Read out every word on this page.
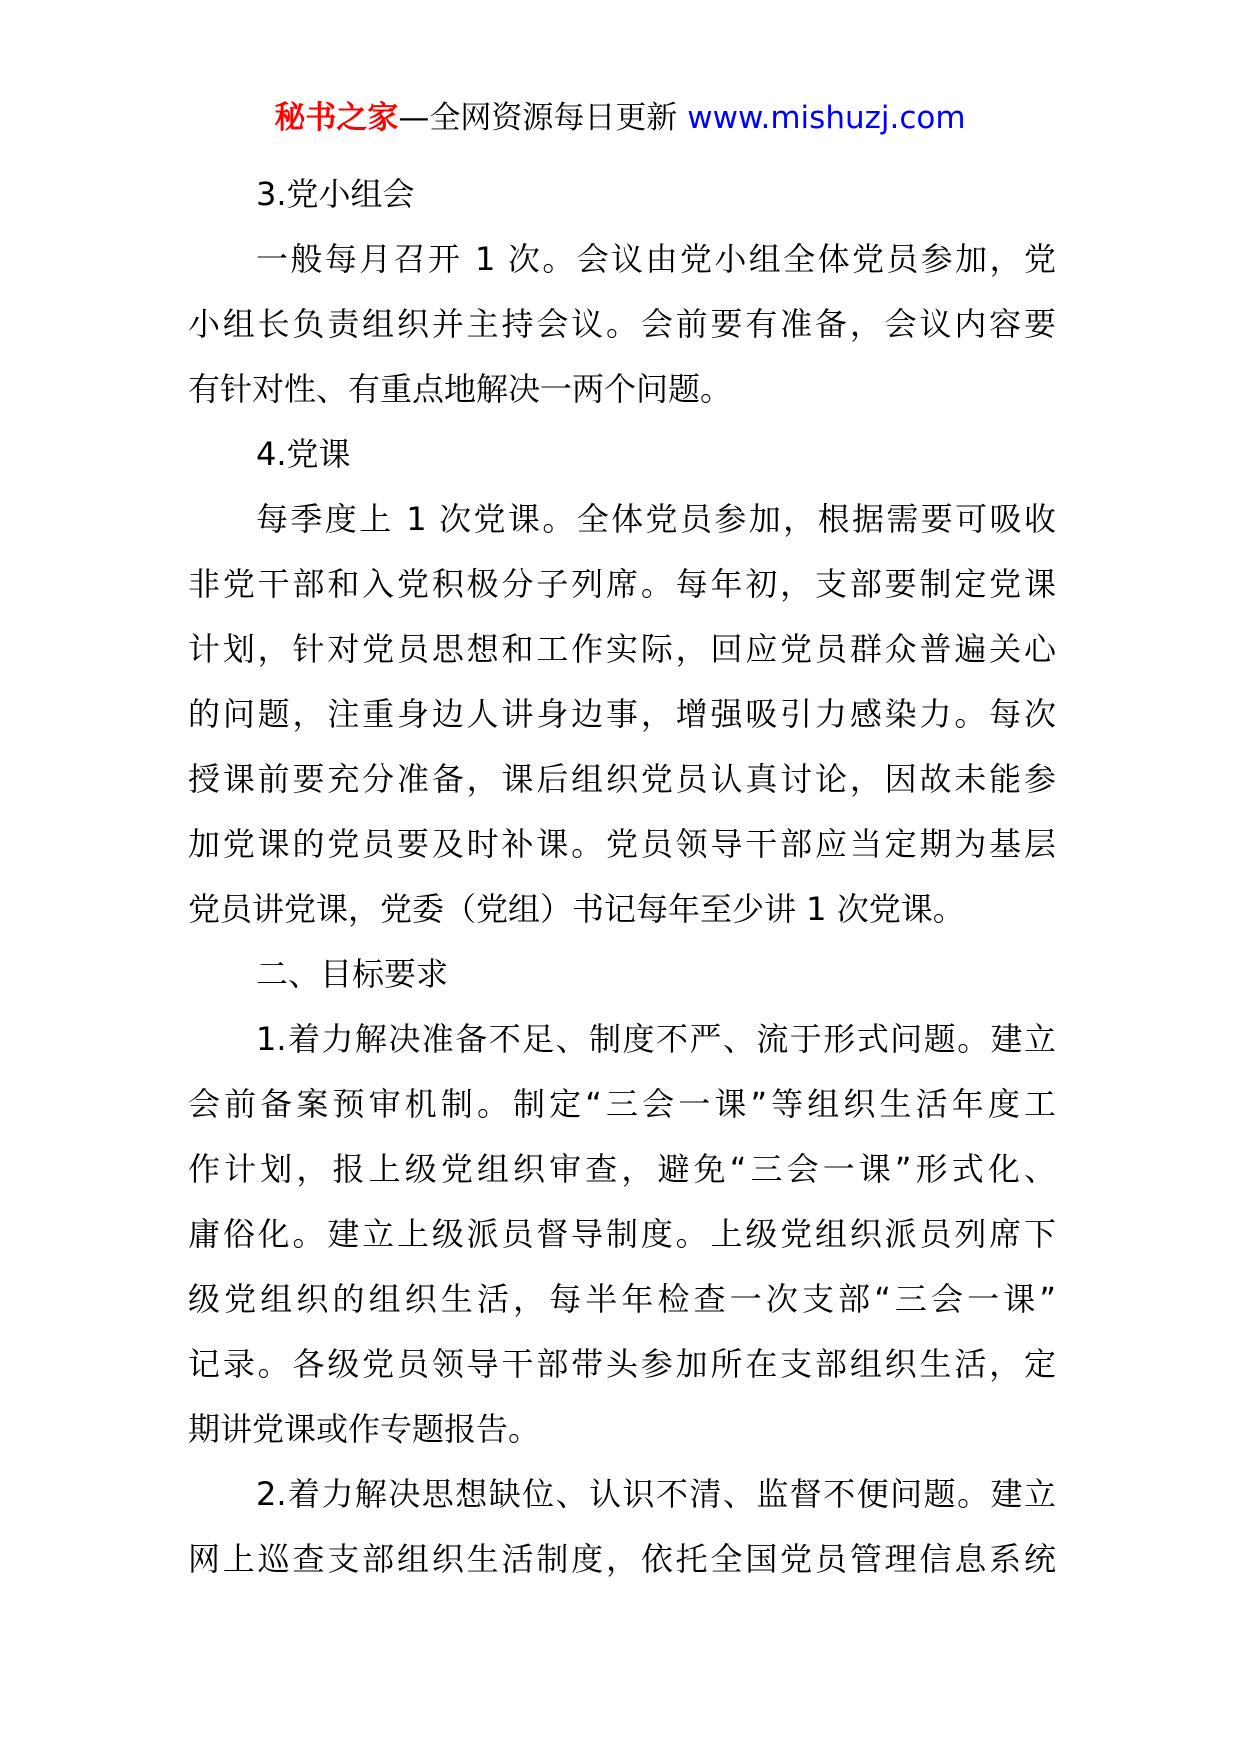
秘书之家—全网资源每日更新 www.mishuzj.com
3.党小组会
一般每月召开 1 次。会议由党小组全体党员参加，党
小组长负责组织并主持会议。会前要有准备，会议内容要
有针对性、有重点地解决一两个问题。
4.党课
每季度上 1 次党课。全体党员参加，根据需要可吸收
非党干部和入党积极分子列席。每年初，支部要制定党课
计划，针对党员思想和工作实际，回应党员群众普遍关心
的问题，注重身边人讲身边事，增强吸引力感染力。每次
授课前要充分准备，课后组织党员认真讨论，因故未能参
加党课的党员要及时补课。党员领导干部应当定期为基层
党员讲党课，党委（党组）书记每年至少讲 1 次党课。
二、目标要求
1.着力解决准备不足、制度不严、流于形式问题。建立
会前备案预审机制。制定“三会一课”等组织生活年度工
作计划，报上级党组织审查，避免“三会一课”形式化、
庸俗化。建立上级派员督导制度。上级党组织派员列席下
级党组织的组织生活，每半年检查一次支部“三会一课”
记录。各级党员领导干部带头参加所在支部组织生活，定
期讲党课或作专题报告。
2.着力解决思想缺位、认识不清、监督不便问题。建立
网上巡查支部组织生活制度，依托全国党员管理信息系统
